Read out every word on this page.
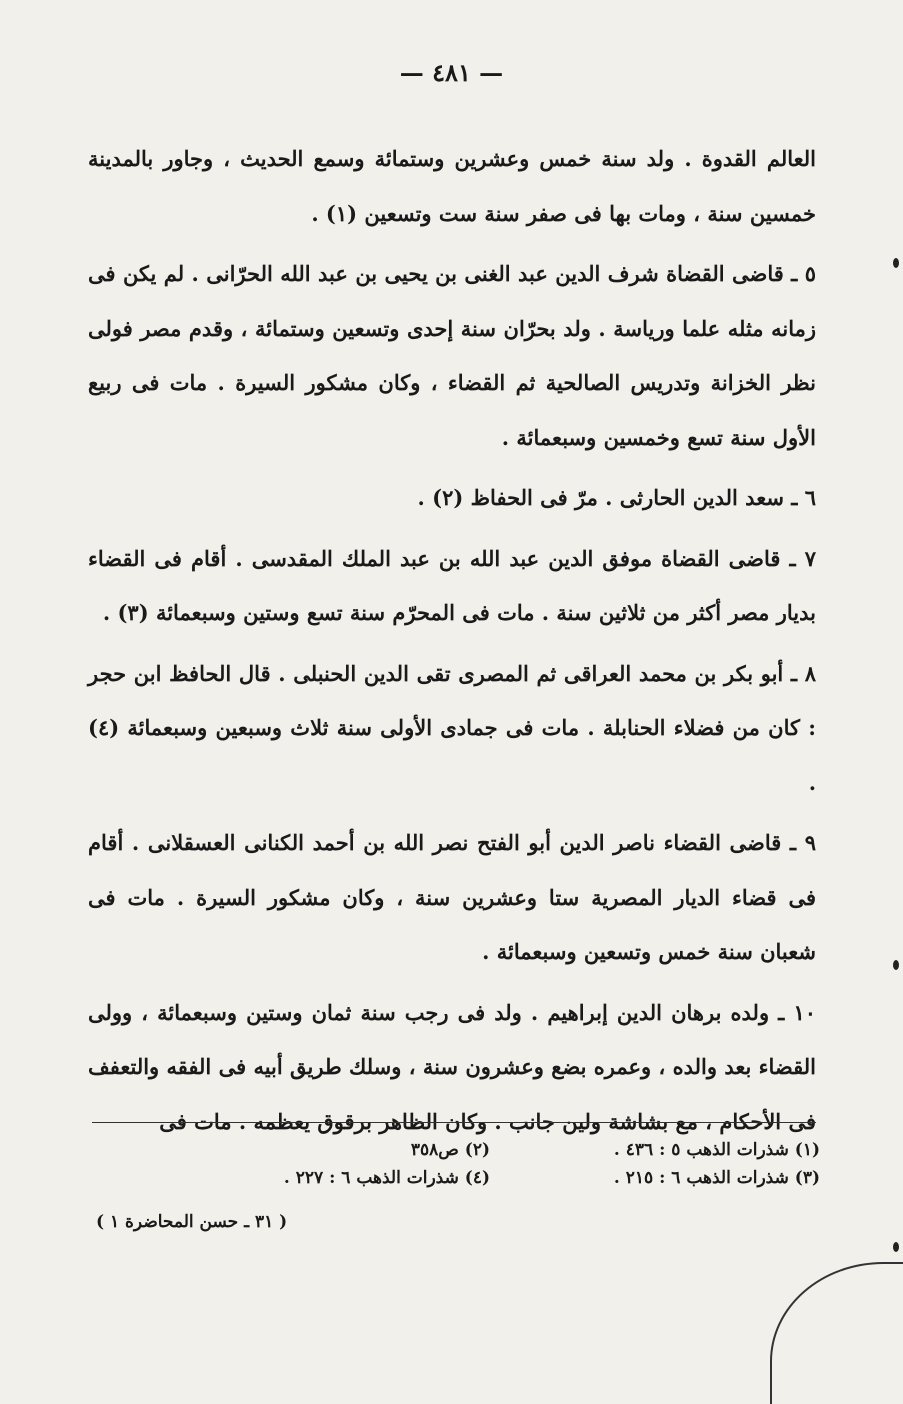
— ٤٨١ —

العالم القدوة . ولد سنة خمس وعشرين وستمائة وسمع الحديث ، وجاور بالمدينة خمسين سنة ، ومات بها فى صفر سنة ست وتسعين (١) .

٥ ـ قاضى القضاة شرف الدين عبد الغنى بن يحيى بن عبد الله الحرّانى . لم يكن فى زمانه مثله علما ورياسة . ولد بحرّان سنة إحدى وتسعين وستمائة ، وقدم مصر فولى نظر الخزانة وتدريس الصالحية ثم القضاء ، وكان مشكور السيرة . مات فى ربيع الأول سنة تسع وخمسين وسبعمائة .

٦ ـ سعد الدين الحارثى . مرّ فى الحفاظ (٢) .

٧ ـ قاضى القضاة موفق الدين عبد الله بن عبد الملك المقدسى . أقام فى القضاء بديار مصر أكثر من ثلاثين سنة . مات فى المحرّم سنة تسع وستين وسبعمائة (٣) .

٨ ـ أبو بكر بن محمد العراقى ثم المصرى تقى الدين الحنبلى . قال الحافظ ابن حجر : كان من فضلاء الحنابلة . مات فى جمادى الأولى سنة ثلاث وسبعين وسبعمائة (٤) .

٩ ـ قاضى القضاء ناصر الدين أبو الفتح نصر الله بن أحمد الكنانى العسقلانى . أقام فى قضاء الديار المصرية ستا وعشرين سنة ، وكان مشكور السيرة . مات فى شعبان سنة خمس وتسعين وسبعمائة .

١٠ ـ ولده برهان الدين إبراهيم . ولد فى رجب سنة ثمان وستين وسبعمائة ، وولى القضاء بعد والده ، وعمره بضع وعشرون سنة ، وسلك طريق أبيه فى الفقه والتعفف فى الأحكام ، مع بشاشة ولين جانب . وكان الظاهر برقوق يعظمه . مات فى

(١) شذرات الذهب ٥ : ٤٣٦ .
(٢) ص٣٥٨
(٣) شذرات الذهب ٦ : ٢١٥ .
(٤) شذرات الذهب ٦ : ٢٢٧ .
( ٣١ ـ حسن المحاضرة ١ )
